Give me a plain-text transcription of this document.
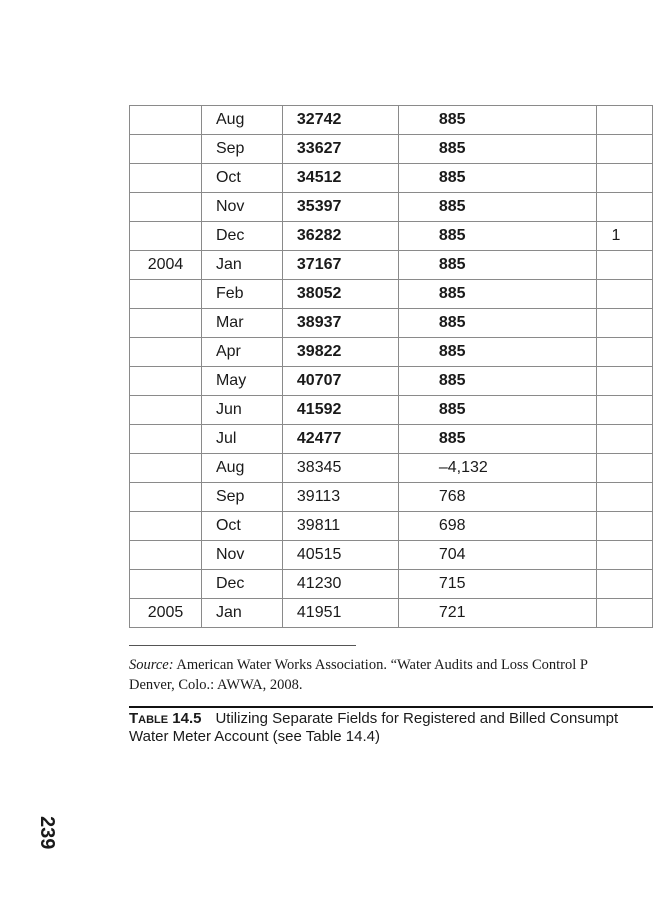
	Aug	32742	885	
	Sep	33627	885	
	Oct	34512	885	
	Nov	35397	885	
	Dec	36282	885	1
2004	Jan	37167	885	
	Feb	38052	885	
	Mar	38937	885	
	Apr	39822	885	
	May	40707	885	
	Jun	41592	885	
	Jul	42477	885	
	Aug	38345	–4,132	
	Sep	39113	768	
	Oct	39811	698	
	Nov	40515	704	
	Dec	41230	715	
2005	Jan	41951	721	
Source: American Water Works Association. “Water Audits and Loss Control P
Denver, Colo.: AWWA, 2008.
Table 14.5 Utilizing Separate Fields for Registered and Billed Consumpt
Water Meter Account (see Table 14.4)
239
